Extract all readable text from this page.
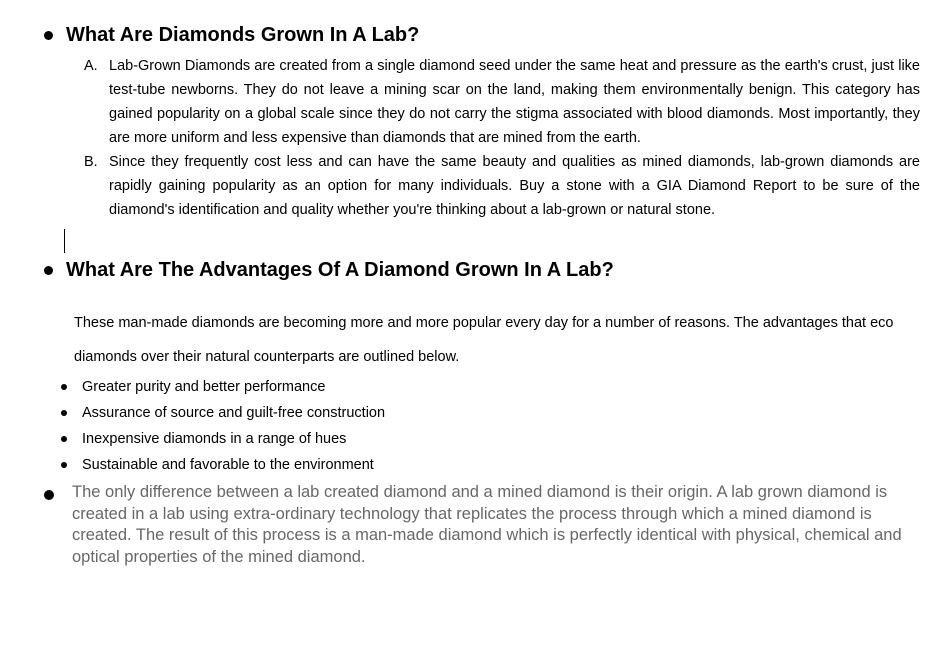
What Are Diamonds Grown In A Lab?
A. Lab-Grown Diamonds are created from a single diamond seed under the same heat and pressure as the earth's crust, just like test-tube newborns. They do not leave a mining scar on the land, making them environmentally benign. This category has gained popularity on a global scale since they do not carry the stigma associated with blood diamonds. Most importantly, they are more uniform and less expensive than diamonds that are mined from the earth.
B. Since they frequently cost less and can have the same beauty and qualities as mined diamonds, lab-grown diamonds are rapidly gaining popularity as an option for many individuals. Buy a stone with a GIA Diamond Report to be sure of the diamond's identification and quality whether you're thinking about a lab-grown or natural stone.
What Are The Advantages Of A Diamond Grown In A Lab?
These man-made diamonds are becoming more and more popular every day for a number of reasons. The advantages that eco diamonds over their natural counterparts are outlined below.
Greater purity and better performance
Assurance of source and guilt-free construction
Inexpensive diamonds in a range of hues
Sustainable and favorable to the environment
The only difference between a lab created diamond and a mined diamond is their origin. A lab grown diamond is created in a lab using extra-ordinary technology that replicates the process through which a mined diamond is created. The result of this process is a man-made diamond which is perfectly identical with physical, chemical and optical properties of the mined diamond.
